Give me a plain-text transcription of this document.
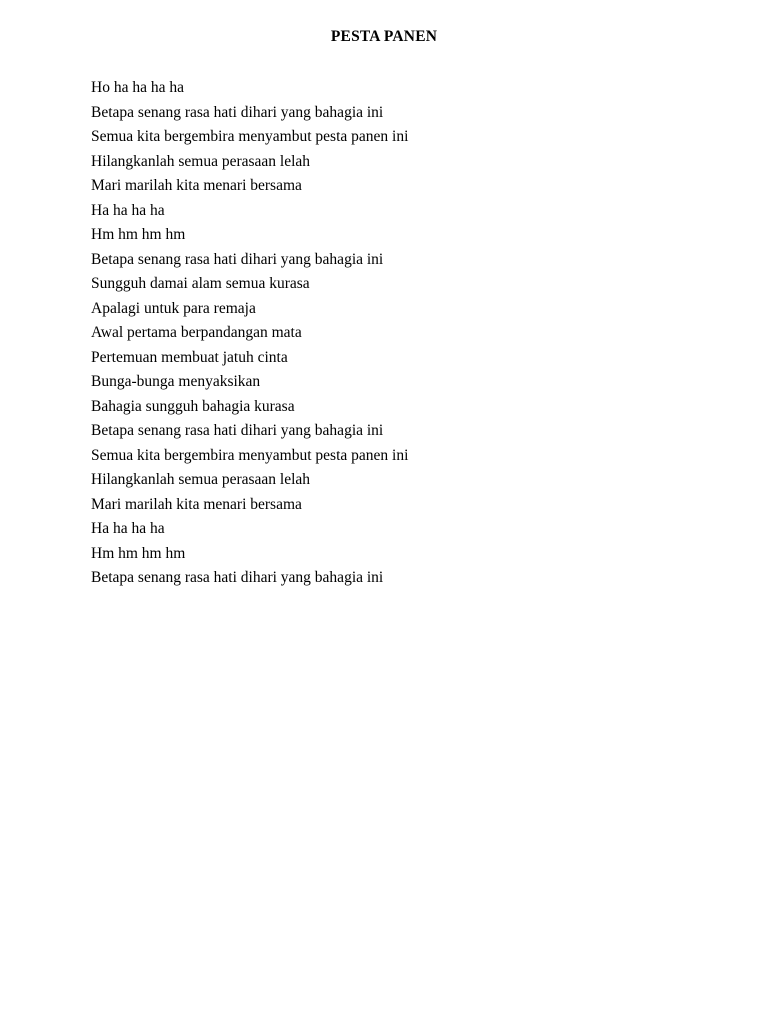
PESTA PANEN
Ho ha ha ha ha
Betapa senang rasa hati dihari yang bahagia ini
Semua kita bergembira menyambut pesta panen ini
Hilangkanlah semua perasaan lelah
Mari marilah kita menari bersama
Ha ha ha ha
Hm hm hm hm
Betapa senang rasa hati dihari yang bahagia ini
Sungguh damai alam semua kurasa
Apalagi untuk para remaja
Awal pertama berpandangan mata
Pertemuan membuat jatuh cinta
Bunga-bunga menyaksikan
Bahagia sungguh bahagia kurasa
Betapa senang rasa hati dihari yang bahagia ini
Semua kita bergembira menyambut pesta panen ini
Hilangkanlah semua perasaan lelah
Mari marilah kita menari bersama
Ha ha ha ha
Hm hm hm hm
Betapa senang rasa hati dihari yang bahagia ini
